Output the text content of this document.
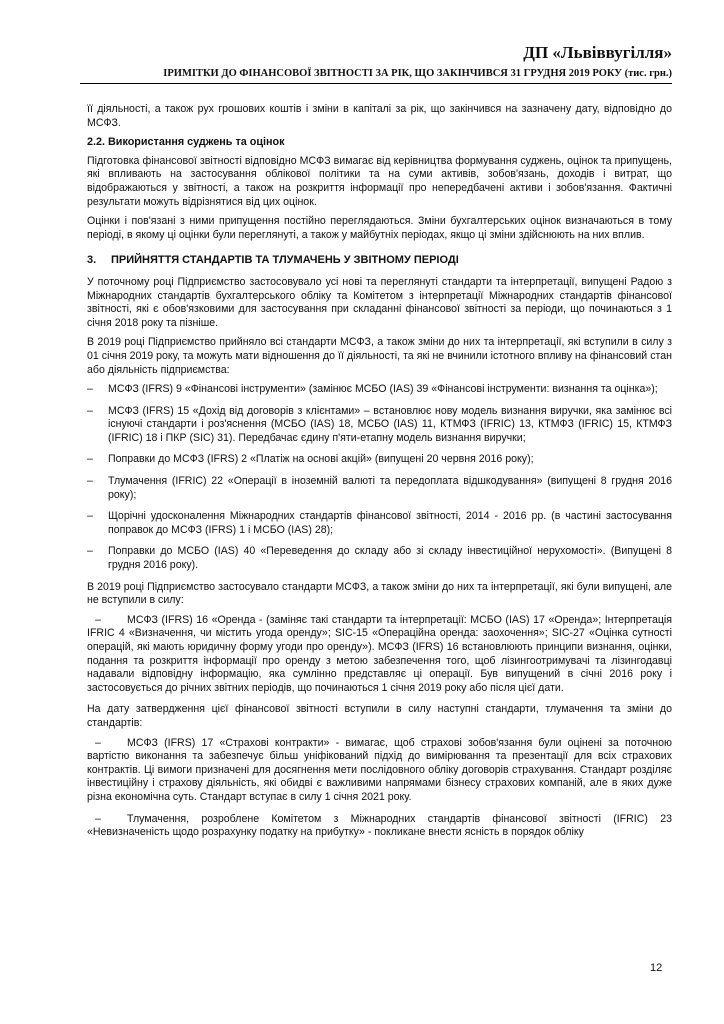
ДП «Львіввугілля»
ІРИМІТКИ ДО ФІНАНСОВОЇ ЗВІТНОСТІ ЗА РІК, ЩО ЗАКІНЧИВСЯ 31 ГРУДНЯ 2019 РОКУ (тис. грн.)

її діяльності, а також рух грошових коштів і зміни в капіталі за рік, що закінчився на зазначену дату, відповідно до МСФЗ.

2.2. Використання суджень та оцінок

Підготовка фінансової звітності відповідно МСФЗ вимагає від керівництва формування суджень, оцінок та припущень, які впливають на застосування облікової політики та на суми активів, зобов'язань, доходів і витрат, що відображаються у звітності, а також на розкриття інформації про непередбачені активи і зобов'язання. Фактичні результати можуть відрізнятися від цих оцінок.

Оцінки і пов'язані з ними припущення постійно переглядаються. Зміни бухгалтерських оцінок визначаються в тому періоді, в якому ці оцінки були переглянуті, а також у майбутніх періодах, якщо ці зміни здійснюють на них вплив.

3. ПРИЙНЯТТЯ СТАНДАРТІВ ТА ТЛУМАЧЕНЬ У ЗВІТНОМУ ПЕРІОДІ

У поточному році Підприємство застосовувало усі нові та переглянуті стандарти та інтерпретації, випущені Радою з Міжнародних стандартів бухгалтерського обліку та Комітетом з інтерпретації Міжнародних стандартів фінансової звітності, які є обов'язковими для застосування при складанні фінансової звітності за періоди, що починаються з 1 січня 2018 року та пізніше.

В 2019 році Підприємство прийняло всі стандарти МСФЗ, а також зміни до них та інтерпретації, які вступили в силу з 01 січня 2019 року, та можуть мати відношення до її діяльності, та які не вчинили істотного впливу на фінансовий стан або діяльність підприємства:

– МСФЗ (IFRS) 9 «Фінансові інструменти» (замінює МСБО (IAS) 39 «Фінансові інструменти: визнання та оцінка»);
– МСФЗ (IFRS) 15 «Дохід від договорів з клієнтами» – встановлює нову модель визнання виручки, яка замінює всі існуючі стандарти і роз'яснення (МСБО (IAS) 18, МСБО (IAS) 11, КТМФЗ (IFRIC) 13, КТМФЗ (IFRIC) 15, КТМФЗ (IFRIC) 18 і ПКР (SIC) 31). Передбачає єдину п'яти-етапну модель визнання виручки;
– Поправки до МСФЗ (IFRS) 2 «Платіж на основі акцій» (випущені 20 червня 2016 року);
– Тлумачення (IFRIC) 22 «Операції в іноземній валюті та передоплата відшкодування» (випущені 8 грудня 2016 року);
– Щорічні удосконалення Міжнародних стандартів фінансової звітності, 2014 - 2016 рр. (в частині застосування поправок до МСФЗ (IFRS) 1 і МСБО (IAS) 28);
– Поправки до МСБО (IAS) 40 «Переведення до складу або зі складу інвестиційної нерухомості». (Випущені 8 грудня 2016 року).

В 2019 році Підприємство застосувало стандарти МСФЗ, а також зміни до них та інтерпретації, які були випущені, але не вступили в силу:

– МСФЗ (IFRS) 16 «Оренда - (заміняє такі стандарти та інтерпретації: МСБО (IAS) 17 «Оренда»; Інтерпретація IFRIC 4 «Визначення, чи містить угода оренду»; SIC-15 «Операційна оренда: заохочення»; SIC-27 «Оцінка сутності операцій, які мають юридичну форму угоди про оренду»). МСФЗ (IFRS) 16 встановлюють принципи визнання, оцінки, подання та розкриття інформації про оренду з метою забезпечення того, щоб лізингоотримувачі та лізингодавці надавали відповідну інформацію, яка сумлінно представляє ці операції. Був випущений в січні 2016 року і застосовується до річних звітних періодів, що починаються 1 січня 2019 року або після цієї дати.

На дату затвердження цієї фінансової звітності вступили в силу наступні стандарти, тлумачення та зміни до стандартів:

– МСФЗ (IFRS) 17 «Страхові контракти» - вимагає, щоб страхові зобов'язання були оцінені за поточною вартістю виконання та забезпечує більш уніфікований підхід до вимірювання та презентації для всіх страхових контрактів. Ці вимоги призначені для досягнення мети послідовного обліку договорів страхування. Стандарт розділяє інвестиційну і страхову діяльність, які обидві є важливими напрямами бізнесу страхових компаній, але в яких дуже різна економічна суть. Стандарт вступає в силу 1 січня 2021 року.
– Тлумачення, розроблене Комітетом з Міжнародних стандартів фінансової звітності (IFRIC) 23 «Невизначеність щодо розрахунку податку на прибутку» - покликане внести ясність в порядок обліку
12
